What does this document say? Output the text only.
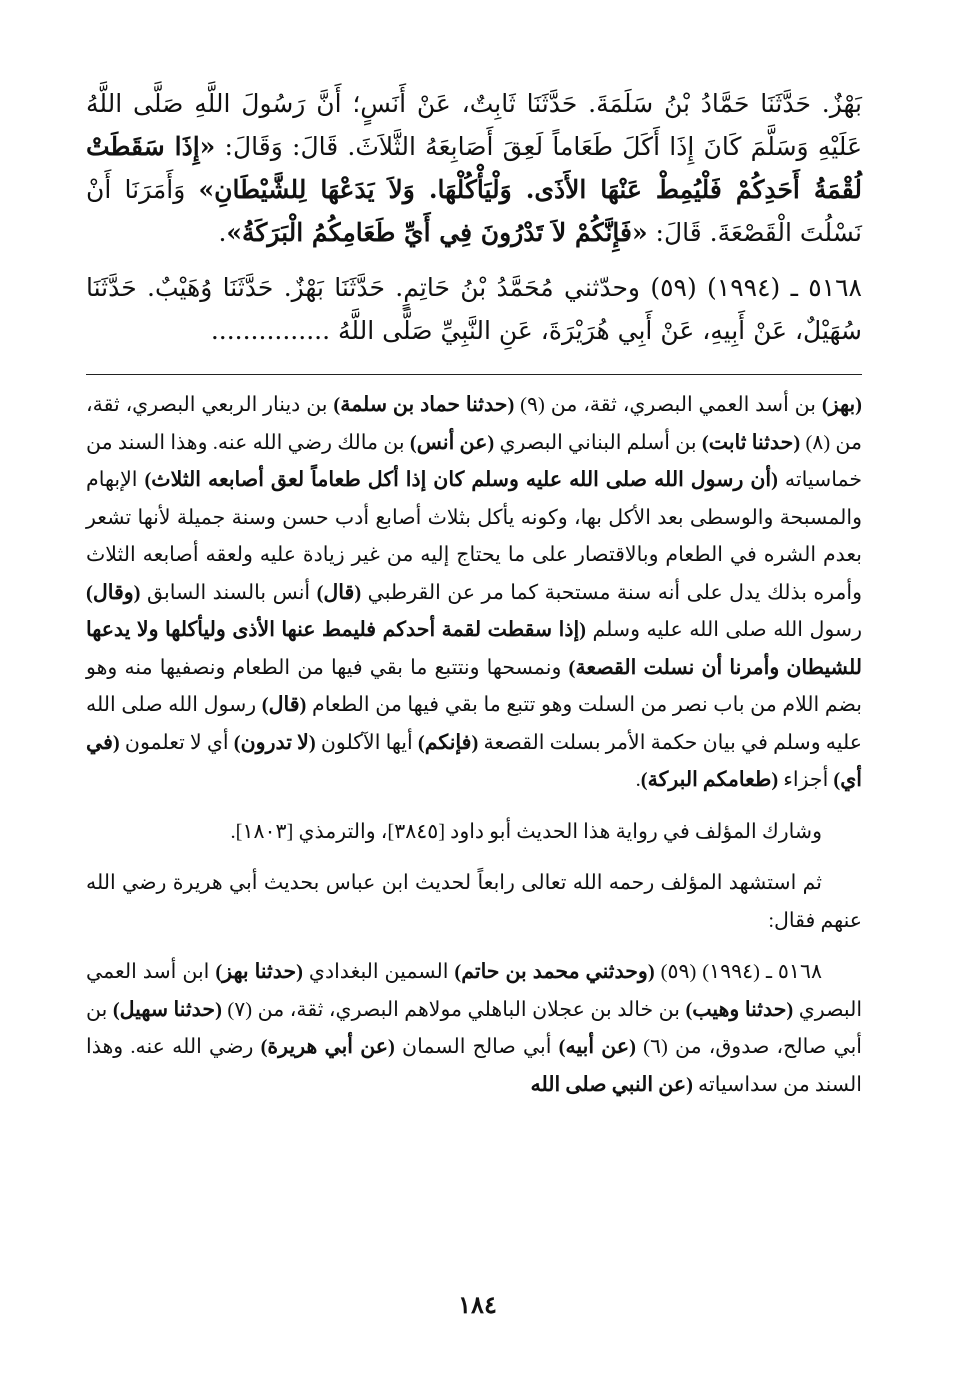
بَهْزٌ. حَدَّثَنَا حَمَّادُ بْنُ سَلَمَةَ. حَدَّثَنَا ثَابِتٌ، عَنْ أَنَسٍ؛ أَنَّ رَسُولَ اللَّهِ صَلَّى اللَّهُ عَلَيْهِ وَسَلَّمَ كَانَ إِذَا أَكَلَ طَعَاماً لَعِقَ أَصَابِعَهُ الثَّلاَثَ. قَالَ: وَقَالَ: «إِذَا سَقَطَتْ لُقْمَةُ أَحَدِكُمْ فَلْيُمِطْ عَنْهَا الأَذَى. وَلْيَأْكُلْهَا. وَلاَ يَدَعْهَا لِلشَّيْطَانِ» وَأَمَرَنَا أَنْ نَسْلُتَ الْقَصْعَةَ. قَالَ: «فَإِنَّكُمْ لاَ تَدْرُونَ فِي أَيِّ طَعَامِكُمُ الْبَرَكَةُ».

٥١٦٨ ـ (١٩٩٤) (٥٩) وحدّثني مُحَمَّدُ بْنُ حَاتِمٍ. حَدَّثَنَا بَهْزٌ. حَدَّثَنَا وُهَيْبٌ. حَدَّثَنَا سُهَيْلٌ، عَنْ أَبِيهِ، عَنْ أَبِي هُرَيْرَةَ، عَنِ النَّبِيِّ صَلَّى اللَّهُ ...............

(بهز) بن أسد العمي البصري، ثقة، من (٩) (حدثنا حماد بن سلمة) بن دينار الربعي البصري، ثقة، من (٨) (حدثنا ثابت) بن أسلم البناني البصري (عن أنس) بن مالك رضي الله عنه. وهذا السند من خماسياته (أن رسول الله صلى الله عليه وسلم كان إذا أكل طعاماً لعق أصابعه الثلاث) الإبهام والمسبحة والوسطى بعد الأكل بها، وكونه يأكل بثلاث أصابع أدب حسن وسنة جميلة لأنها تشعر بعدم الشره في الطعام وبالاقتصار على ما يحتاج إليه من غير زيادة عليه ولعقه أصابعه الثلاث وأمره بذلك يدل على أنه سنة مستحبة كما مر عن القرطبي (قال) أنس بالسند السابق (وقال) رسول الله صلى الله عليه وسلم (إذا سقطت لقمة أحدكم فليمط عنها الأذى وليأكلها ولا يدعها للشيطان وأمرنا أن نسلت القصعة) ونمسحها ونتتبع ما بقي فيها من الطعام ونصفيها منه وهو بضم اللام من باب نصر من السلت وهو تتبع ما بقي فيها من الطعام (قال) رسول الله صلى الله عليه وسلم في بيان حكمة الأمر بسلت القصعة (فإنكم) أيها الآكلون (لا تدرون) أي لا تعلمون (في أي) أجزاء (طعامكم البركة).

وشارك المؤلف في رواية هذا الحديث أبو داود [٣٨٤٥]، والترمذي [١٨٠٣].

ثم استشهد المؤلف رحمه الله تعالى رابعاً لحديث ابن عباس بحديث أبي هريرة رضي الله عنهم فقال:

٥١٦٨ ـ (١٩٩٤) (٥٩) (وحدثني محمد بن حاتم) السمين البغدادي (حدثنا بهز) ابن أسد العمي البصري (حدثنا وهيب) بن خالد بن عجلان الباهلي مولاهم البصري، ثقة، من (٧) (حدثنا سهيل) بن أبي صالح، صدوق، من (٦) (عن أبيه) أبي صالح السمان (عن أبي هريرة) رضي الله عنه. وهذا السند من سداسياته (عن النبي صلى الله

١٨٤
